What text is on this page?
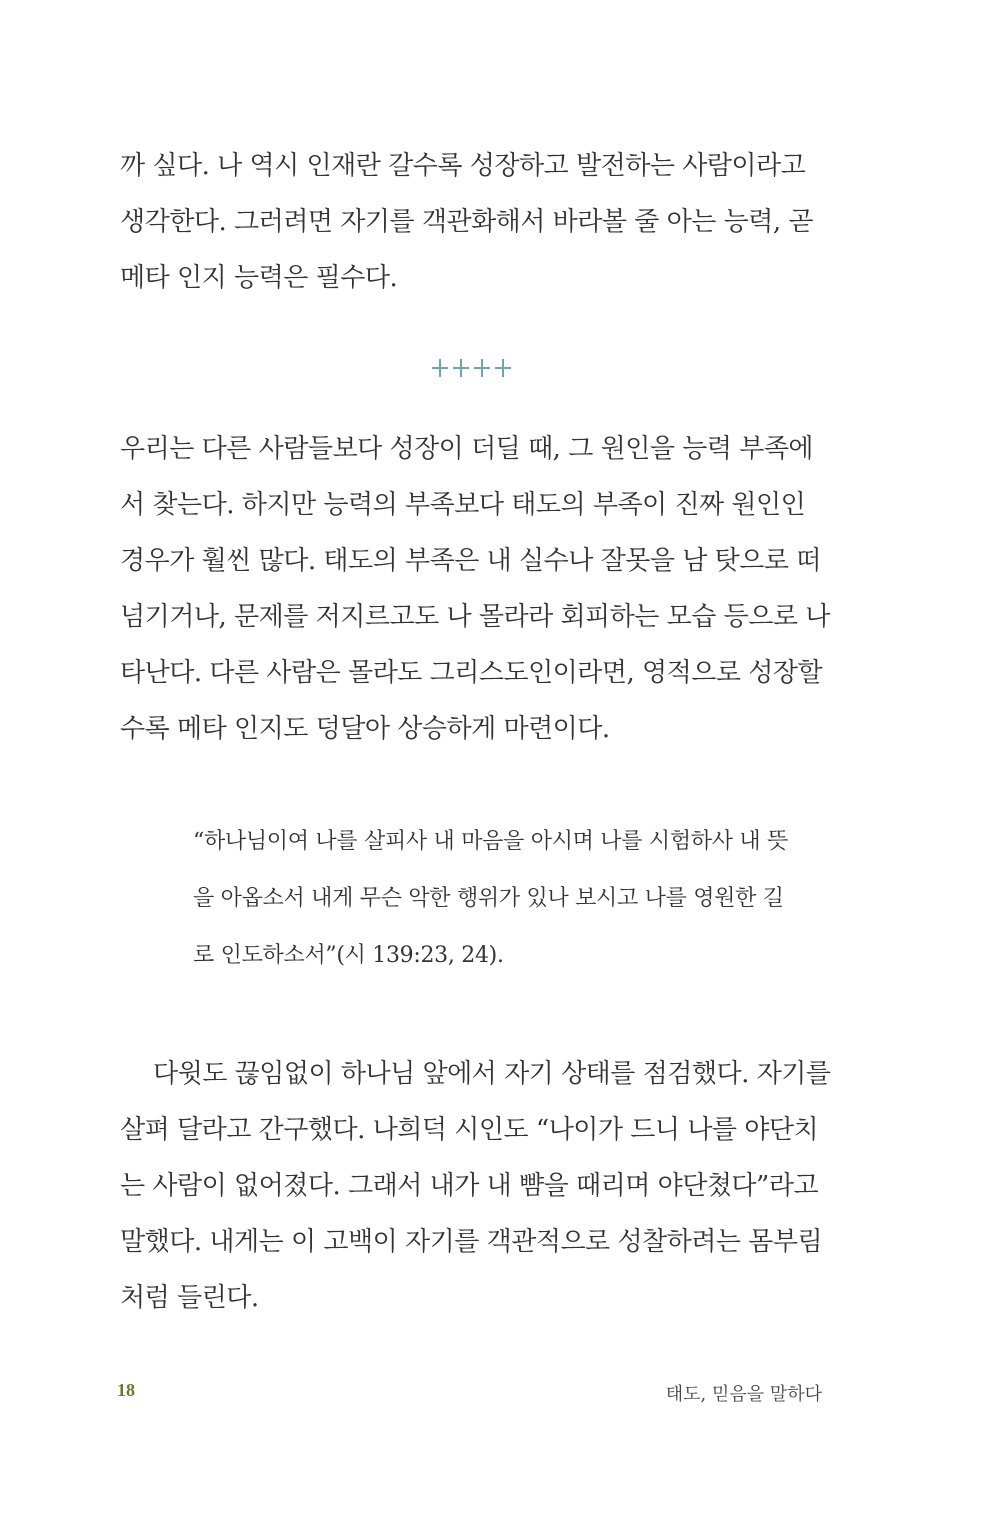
까 싶다. 나 역시 인재란 갈수록 성장하고 발전하는 사람이라고
생각한다. 그러려면 자기를 객관화해서 바라볼 줄 아는 능력, 곧
메타 인지 능력은 필수다.
우리는 다른 사람들보다 성장이 더딜 때, 그 원인을 능력 부족에
서 찾는다. 하지만 능력의 부족보다 태도의 부족이 진짜 원인인
경우가 훨씬 많다. 태도의 부족은 내 실수나 잘못을 남 탓으로 떠
넘기거나, 문제를 저지르고도 나 몰라라 회피하는 모습 등으로 나
타난다. 다른 사람은 몰라도 그리스도인이라면, 영적으로 성장할
수록 메타 인지도 덩달아 상승하게 마련이다.
“하나님이여 나를 살피사 내 마음을 아시며 나를 시험하사 내 뜻
을 아옵소서 내게 무슨 악한 행위가 있나 보시고 나를 영원한 길
로 인도하소서”(시 139:23, 24).
다윗도 끊임없이 하나님 앞에서 자기 상태를 점검했다. 자기를
살펴 달라고 간구했다. 나희덕 시인도 “나이가 드니 나를 야단치
는 사람이 없어졌다. 그래서 내가 내 뺨을 때리며 야단쳤다”라고
말했다. 내게는 이 고백이 자기를 객관적으로 성찰하려는 몸부림
처럼 들린다.
18	태도, 믿음을 말하다
